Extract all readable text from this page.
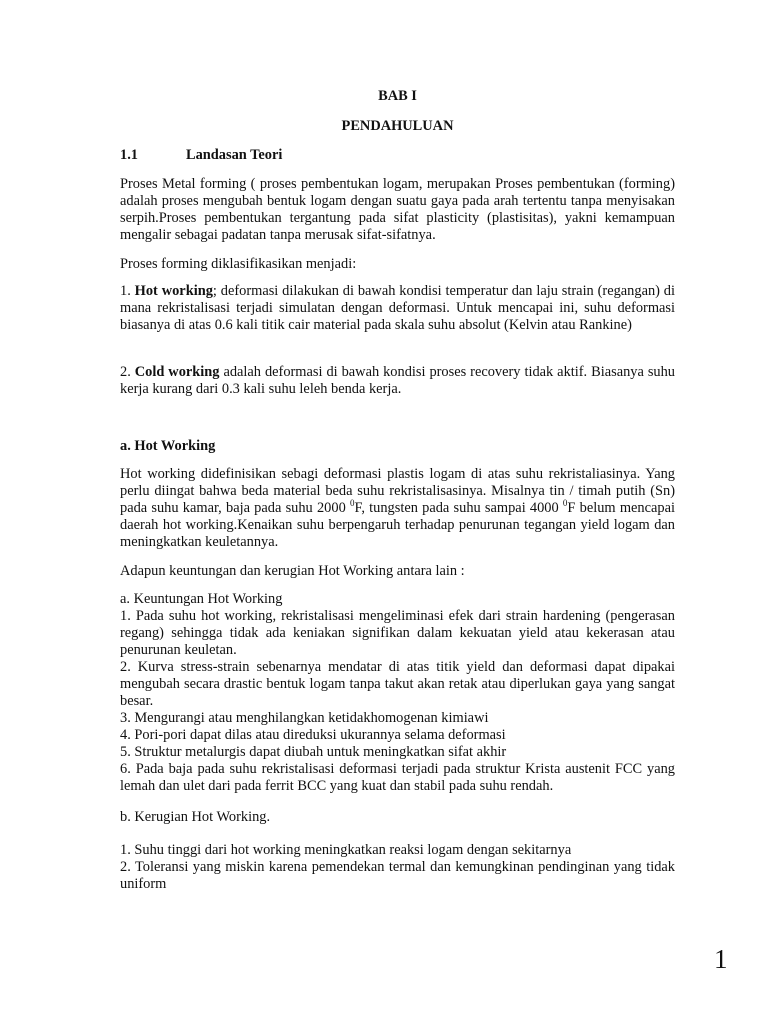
BAB I
PENDAHULUAN
1.1	Landasan Teori

Proses Metal forming ( proses pembentukan logam, merupakan Proses pembentukan (forming) adalah proses mengubah bentuk logam dengan suatu gaya pada arah tertentu tanpa menyisakan serpih.Proses pembentukan tergantung pada sifat plasticity (plastisitas), yakni kemampuan mengalir sebagai padatan tanpa merusak sifat-sifatnya.

Proses forming diklasifikasikan menjadi:

1. Hot working; deformasi dilakukan di bawah kondisi temperatur dan laju strain (regangan) di mana rekristalisasi terjadi simulatan dengan deformasi. Untuk mencapai ini, suhu deformasi biasanya di atas 0.6 kali titik cair material pada skala suhu absolut (Kelvin atau Rankine)

2. Cold working adalah deformasi di bawah kondisi proses recovery tidak aktif. Biasanya suhu kerja kurang dari 0.3 kali suhu leleh benda kerja.

a. Hot Working

Hot working didefinisikan sebagi deformasi plastis logam di atas suhu rekristaliasinya. Yang perlu diingat bahwa beda material beda suhu rekristalisasinya. Misalnya tin / timah putih (Sn) pada suhu kamar, baja pada suhu 2000 $^0$F, tungsten pada suhu sampai 4000 $^0$F belum mencapai daerah hot working.Kenaikan suhu berpengaruh terhadap penurunan tegangan yield logam dan meningkatkan keuletannya.

Adapun keuntungan dan kerugian Hot Working antara lain :

a. Keuntungan Hot Working

1. Pada suhu hot working, rekristalisasi mengeliminasi efek dari strain hardening (pengerasan regang) sehingga tidak ada keniakan signifikan dalam kekuatan yield atau kekerasan atau penurunan keuletan.

2. Kurva stress-strain sebenarnya mendatar di atas titik yield dan deformasi dapat dipakai mengubah secara drastic bentuk logam tanpa takut akan retak atau diperlukan gaya yang sangat besar.

3. Mengurangi atau menghilangkan ketidakhomogenan kimiawi

4. Pori-pori dapat dilas atau direduksi ukurannya selama deformasi

5. Struktur metalurgis dapat diubah untuk meningkatkan sifat akhir

6. Pada baja pada suhu rekristalisasi deformasi terjadi pada struktur Krista austenit FCC yang lemah dan ulet dari pada ferrit BCC yang kuat dan stabil pada suhu rendah.

b. Kerugian Hot Working.

1. Suhu tinggi dari hot working meningkatkan reaksi logam dengan sekitarnya

2. Toleransi yang miskin karena pemendekan termal dan kemungkinan pendinginan yang tidak uniform

1
